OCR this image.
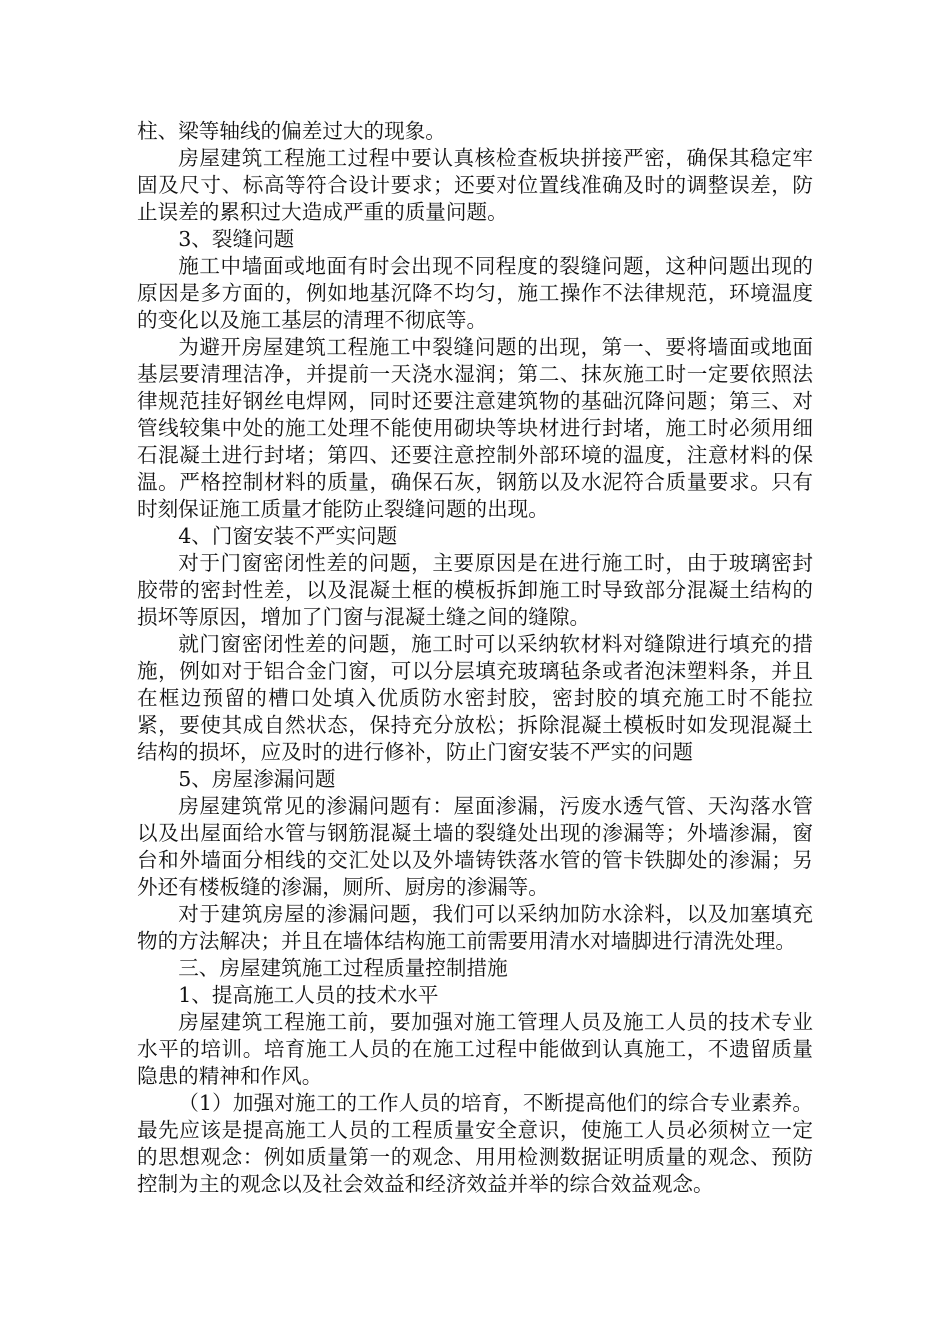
柱、梁等轴线的偏差过大的现象。

房屋建筑工程施工过程中要认真核检查板块拼接严密，确保其稳定牢固及尺寸、标高等符合设计要求；还要对位置线准确及时的调整误差，防止误差的累积过大造成严重的质量问题。

3、裂缝问题

施工中墙面或地面有时会出现不同程度的裂缝问题，这种问题出现的原因是多方面的，例如地基沉降不均匀，施工操作不法律规范，环境温度的变化以及施工基层的清理不彻底等。

为避开房屋建筑工程施工中裂缝问题的出现，第一、要将墙面或地面基层要清理洁净，并提前一天浇水湿润；第二、抹灰施工时一定要依照法律规范挂好钢丝电焊网，同时还要注意建筑物的基础沉降问题；第三、对管线较集中处的施工处理不能使用砌块等块材进行封堵，施工时必须用细石混凝土进行封堵；第四、还要注意控制外部环境的温度，注意材料的保温。严格控制材料的质量，确保石灰，钢筋以及水泥符合质量要求。只有时刻保证施工质量才能防止裂缝问题的出现。

4、门窗安装不严实问题

对于门窗密闭性差的问题，主要原因是在进行施工时，由于玻璃密封胶带的密封性差，以及混凝土框的模板拆卸施工时导致部分混凝土结构的损坏等原因，增加了门窗与混凝土缝之间的缝隙。

就门窗密闭性差的问题，施工时可以采纳软材料对缝隙进行填充的措施，例如对于铝合金门窗，可以分层填充玻璃毡条或者泡沫塑料条，并且在框边预留的槽口处填入优质防水密封胶，密封胶的填充施工时不能拉紧，要使其成自然状态，保持充分放松；拆除混凝土模板时如发现混凝土结构的损坏，应及时的进行修补，防止门窗安装不严实的问题

5、房屋渗漏问题

房屋建筑常见的渗漏问题有：屋面渗漏，污废水透气管、天沟落水管以及出屋面给水管与钢筋混凝土墙的裂缝处出现的渗漏等；外墙渗漏，窗台和外墙面分相线的交汇处以及外墙铸铁落水管的管卡铁脚处的渗漏；另外还有楼板缝的渗漏，厕所、厨房的渗漏等。

对于建筑房屋的渗漏问题，我们可以采纳加防水涂料，以及加塞填充物的方法解决；并且在墙体结构施工前需要用清水对墙脚进行清洗处理。

三、房屋建筑施工过程质量控制措施

1、提高施工人员的技术水平

房屋建筑工程施工前，要加强对施工管理人员及施工人员的技术专业水平的培训。培育施工人员的在施工过程中能做到认真施工，不遗留质量隐患的精神和作风。

（1）加强对施工的工作人员的培育，不断提高他们的综合专业素养。最先应该是提高施工人员的工程质量安全意识，使施工人员必须树立一定的思想观念：例如质量第一的观念、用用检测数据证明质量的观念、预防控制为主的观念以及社会效益和经济效益并举的综合效益观念。
